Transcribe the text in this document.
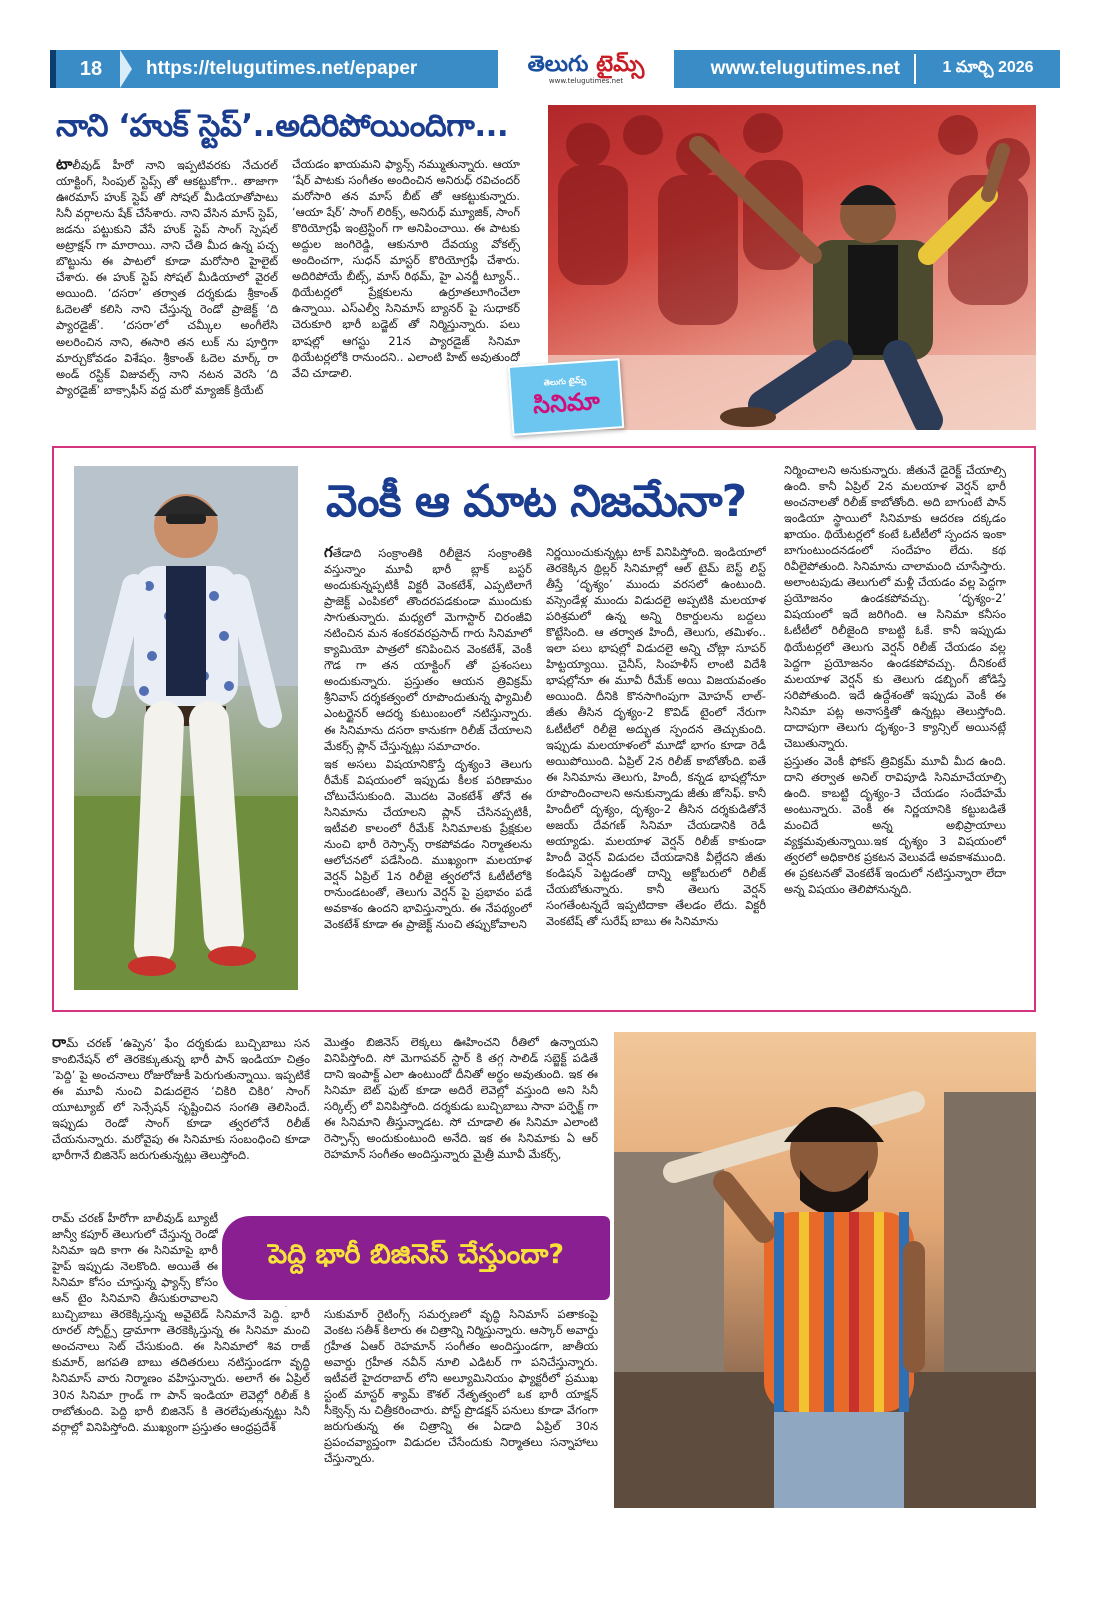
18	https://telugutimes.net/epaper	తెలుగు టైమ్స్
www.telugutimes.net
www.telugutimes.net	1 మార్చి 2026
నాని ‘హుక్ స్టెప్’..అదిరిపోయిందిగా...

టాలీవుడ్ హీరో నాని ఇప్పటివరకు నేచురల్ యాక్టింగ్, సింపుల్ స్టెప్స్ తో ఆకట్టుకోగా.. తాజాగా ఊరమాస్ హుక్ స్టెప్ తో సోషల్ మీడియాతోపాటు సినీ వర్గాలను షేక్ చేసేశారు. నాని వేసిన మాస్ స్టెప్, జడను పట్టుకుని వేసే హుక్ స్టెప్ సాంగ్ స్పెషల్ అట్రాక్షన్ గా మారాయి. నాని చేతి మీద ఉన్న పచ్చ బొట్టును ఈ పాటలో కూడా మరోసారి హైలైట్ చేశారు. ఈ హుక్ స్టెప్ సోషల్ మీడియాలో వైరల్ అయింది. ‘దసరా’ తర్వాత దర్శకుడు శ్రీకాంత్ ఓదెలతో కలిసి నాని చేస్తున్న రెండో ప్రాజెక్ట్ ‘ది ప్యారడైజ్’. ‘దసరా’లో చమ్కీల అంగీలేసి అలరించిన నాని, ఈసారి తన లుక్ ను పూర్తిగా మార్చుకోవడం విశేషం. శ్రీకాంత్ ఓదెల మార్క్ రా అండ్ రస్టిక్ విజువల్స్ నాని నటన వెరసి ‘ది ప్యారడైజ్’ బాక్సాఫీస్ వద్ద మరో మ్యాజిక్ క్రియేట్

చేయడం ఖాయమని ఫ్యాన్స్ నమ్ముతున్నారు. ఆయా ‘షేర్ పాటకు సంగీతం అందించిన అనిరుధ్ రవిచందర్ మరోసారి తన మాస్ బీట్ తో ఆకట్టుకున్నారు. ‘ఆయా షేర్’ సాంగ్ లిరిక్స్, అనిరుధ్ మ్యూజిక్, సాంగ్ కొరియోగ్రఫీ ఇంట్రెస్టింగ్ గా అనిపించాయి. ఈ పాటకు అద్దుల జంగిరెడ్డి, ఆకునూరి దేవయ్య వోకల్స్ అందించగా, సుధన్ మాస్టర్ కొరియోగ్రఫీ చేశారు. అదిరిపోయే బీట్స్, మాస్ రిథమ్, హై ఎనర్జీ ట్యూన్.. థియేటర్లలో ప్రేక్షకులను ఉర్రూతలూగించేలా ఉన్నాయి. ఎస్ఎల్వీ సినిమాస్ బ్యానర్ పై సుధాకర్ చెరుకూరి భారీ బడ్జెట్ తో నిర్మిస్తున్నారు. పలు భాషల్లో ఆగస్టు 21న ప్యారడైజ్ సినిమా థియేటర్లలోకి రానుందని.. ఎలాంటి హిట్ అవుతుందో వేచి చూడాలి.

తెలుగు టైమ్స్
సినిమా
వెంకీ ఆ మాట నిజమేనా?

గతేడాది సంక్రాంతికి రిలీజైన సంక్రాంతికి వస్తున్నాం మూవీ భారీ బ్లాక్ బస్టర్ అందుకున్నప్పటికీ విక్టరీ వెంకటేశ్, ఎప్పటిలాగే ప్రాజెక్ట్ ఎంపికలో తొందరపడకుండా ముందుకు సాగుతున్నారు. మధ్యలో మెగాస్టార్ చిరంజీవి నటించిన మన శంకరవరప్రసాద్ గారు సినిమాలో క్యామియో పాత్రలో కనిపించిన వెంకటేశ్, వెంకీ గౌడ గా తన యాక్టింగ్ తో ప్రశంసలు అందుకున్నారు. ప్రస్తుతం ఆయన త్రివిక్రమ్ శ్రీనివాస్ దర్శకత్వంలో రూపొందుతున్న ఫ్యామిలీ ఎంటర్టైనర్ ఆదర్శ కుటుంబంలో నటిస్తున్నారు. ఈ సినిమాను దసరా కానుకగా రిలీజ్ చేయాలని మేకర్స్ ప్లాన్ చేస్తున్నట్లు సమాచారం.

ఇక అసలు విషయానికొస్తే దృశ్యం3 తెలుగు రీమేక్ విషయంలో ఇప్పుడు కీలక పరిణామం చోటుచేసుకుంది. మొదట వెంకటేశ్ తోనే ఈ సినిమాను చేయాలని ప్లాన్ చేసినప్పటికీ, ఇటీవలి కాలంలో రీమేక్ సినిమాలకు ప్రేక్షకుల నుంచి భారీ రెస్పాన్స్ రాకపోవడం నిర్మాతలను ఆలోచనలో పడేసింది. ముఖ్యంగా మలయాళ వెర్షన్ ఏప్రిల్ 1న రిలీజై త్వరలోనే ఓటీటీలోకి రానుండటంతో, తెలుగు వెర్షన్ పై ప్రభావం పడే అవకాశం ఉందని భావిస్తున్నారు. ఈ నేపథ్యంలో వెంకటేశ్ కూడా ఈ ప్రాజెక్ట్ నుంచి తప్పుకోవాలని

నిర్ణయించుకున్నట్లు టాక్ వినిపిస్తోంది. ఇండియాలో తెరకెక్కిన థ్రిల్లర్ సినిమాల్లో ఆల్ టైమ్ బెస్ట్ లిస్ట్ తీస్తే ‘దృశ్యం’ ముందు వరసలో ఉంటుంది. వస్సెండేళ్ల ముందు విడుదలై అప్పటికి మలయాళ పరిశ్రమలో ఉన్న అన్ని రికార్డులను బద్దలు కొట్టేసింది. ఆ తర్వాత హిందీ, తెలుగు, తమిళం.. ఇలా పలు భాషల్లో విడుదలై అన్ని చోట్లా సూపర్ హిట్టయ్యాయి. చైనీస్, సింహళీస్ లాంటి విదేశీ భాషల్లోనూ ఈ మూవీ రీమేక్ అయి విజయవంతం అయింది. దీనికి కొనసాగింపుగా మోహన్ లాల్- జీతు తీసిన దృశ్యం-2 కొవిడ్ టైంలో నేరుగా ఓటీటీలో రిలీజై అద్భుత స్పందన తెచ్చుకుంది. ఇప్పుడు మలయాళంలో మూడో భాగం కూడా రెడీ అయిపోయింది. ఏప్రిల్ 2న రిలీజ్ కాబోతోంది. ఐతే ఈ సినిమాను తెలుగు, హిందీ, కన్నడ భాషల్లోనూ రూపొందించాలని అనుకున్నాడు జీతు జోసెఫ్. కానీ హిందీలో దృశ్యం, దృశ్యం-2 తీసిన దర్శకుడితోనే అజయ్ దేవగణ్ సినిమా చేయడానికి రెడీ అయ్యాడు. మలయాళ వెర్షన్ రిలీజ్ కాకుండా హిందీ వెర్షన్ విడుదల చేయడానికి వీల్లేదని జీతు కండిషన్ పెట్టడంతో దాన్ని అక్టోబరులో రిలీజ్ చేయబోతున్నారు. కానీ తెలుగు వెర్షన్ సంగతేంటన్నదే ఇప్పటిదాకా తేలడం లేదు. విక్టరీ వెంకటేష్ తో సురేష్ బాబు ఈ సినిమాను

నిర్మించాలని అనుకున్నారు. జీతునే డైరెక్ట్ చేయాల్సి ఉంది. కానీ ఏప్రిల్ 2న మలయాళ వెర్షన్ భారీ అంచనాలతో రిలీజ్ కాబోతోంది. అది బాగుంటే పాన్ ఇండియా స్థాయిలో సినిమాకు ఆదరణ దక్కడం ఖాయం. థియేటర్లలో కంటే ఓటీటీలో స్పందన ఇంకా బాగుంటుందనడంలో సందేహం లేదు. కథ రివీలైపోతుంది. సినిమాను చాలామంది చూసేస్తారు. అలాంటపుడు తెలుగులో మళ్లీ చేయడం వల్ల పెద్దగా ప్రయోజనం ఉండకపోవచ్చు. ‘దృశ్యం-2’ విషయంలో ఇదే జరిగింది. ఆ సినిమా కనీసం ఓటీటీలో రిలీజైంది కాబట్టి ఓకే. కానీ ఇప్పుడు థియేటర్లలో తెలుగు వెర్షన్ రిలీజ్ చేయడం వల్ల పెద్దగా ప్రయోజనం ఉండకపోవచ్చు. దీనికంటే మలయాళ వెర్షన్ కు తెలుగు డబ్బింగ్ జోడిస్తే సరిపోతుంది. ఇదే ఉద్దేశంతో ఇప్పుడు వెంకీ ఈ సినిమా పట్ల అనాసక్తితో ఉన్నట్లు తెలుస్తోంది. దాదాపుగా తెలుగు దృశ్యం-3 క్యాన్సిల్ అయినట్లే చెబుతున్నారు.

ప్రస్తుతం వెంకీ ఫోకస్ త్రివిక్రమ్ మూవీ మీద ఉంది. దాని తర్వాత అనిల్ రావిపూడి సినిమాచేయాల్సి ఉంది. కాబట్టి దృశ్యం-3 చేయడం సందేహమే అంటున్నారు. వెంకీ ఈ నిర్ణయానికి కట్టుబడితే మంచిదే అన్న అభిప్రాయాలు వ్యక్తమవుతున్నాయి.ఇక దృశ్యం 3 విషయంలో త్వరలో అధికారిక ప్రకటన వెలువడే అవకాశముంది. ఈ ప్రకటనతో వెంకటేశ్ ఇందులో నటిస్తున్నారా లేదా అన్న విషయం తెలిపోనున్నది.

రామ్ చరణ్ ‘ఉప్పెన’ ఫేం దర్శకుడు బుచ్చిబాబు సన కాంబినేషన్ లో తెరకెక్కుతున్న భారీ పాన్ ఇండియా చిత్రం ‘పెద్ది’ పై అంచనాలు రోజురోజుకీ పెరుగుతున్నాయి. ఇప్పటికే ఈ మూవీ నుంచి విడుదలైన ‘చికిరి చికిరి’ సాంగ్ యూట్యూబ్ లో సెన్సేషన్ సృష్టించిన సంగతి తెలిసిందే. ఇప్పుడు రెండో సాంగ్ కూడా త్వరలోనే రిలీజ్ చేయనున్నారు. మరోవైపు ఈ సినిమాకు సంబంధించి కూడా భారీగానే బిజినెస్ జరుగుతున్నట్లు తెలుస్తోంది.

మొత్తం బిజినెస్ లెక్కలు ఊహించని రీతిలో ఉన్నాయని వినిపిస్తోంది. సో మెగాపవర్ స్టార్ కి తగ్గ సాలిడ్ సబ్జెక్ట్ పడితే దాని ఇంపాక్ట్ ఎలా ఉంటుందో దీనితో అర్థం అవుతుంది. ఇక ఈ సినిమా బెట్ ఫుట్ కూడా అదిరే లెవెల్లో వస్తుంది అని సినీ సర్కిల్స్ లో వినిపిస్తోంది. దర్శకుడు బుచ్చిబాబు సానా పర్ఫెక్ట్ గా ఈ సినిమాని తీస్తున్నాడట. సో చూడాలి ఈ సినిమా ఎలాంటి రెస్పాన్స్ అందుకుంటుంది అనేది. ఇక ఈ సినిమాకు ఏ ఆర్ రెహమాన్ సంగీతం అందిస్తున్నారు మైత్రీ మూవీ మేకర్స్,

రామ్ చరణ్ హీరోగా బాలీవుడ్ బ్యూటీ జాన్వీ కపూర్ తెలుగులో చేస్తున్న రెండో సినిమా ఇది కాగా ఈ సినిమాపై భారీ హైప్ ఇప్పుడు నెలకొంది. అయితే ఈ సినిమా కోసం చూస్తున్న ఫ్యాన్స్ కోసం ఆన్ టైం సినిమాని తీసుకురావాలని

పెద్ది భారీ బిజినెస్ చేస్తుందా?

బుచ్చిబాబు తెరకెక్కిస్తున్న అవైటెడ్ సినిమానే పెద్ది. భారీ రూరల్ స్పోర్ట్స్ డ్రామాగా తెరకెక్కిస్తున్న ఈ సినిమా మంచి అంచనాలు సెట్ చేసుకుంది. ఈ సినిమాలో శివ రాజ్ కుమార్, జగపతి బాబు తదితరులు నటిస్తుండగా వృద్ధి సినిమాస్ వారు నిర్మాణం వహిస్తున్నారు. అలాగే ఈ ఏప్రిల్ 30న సినిమా గ్రాండ్ గా పాన్ ఇండియా లెవెల్లో రిలీజ్ కి రాబోతుంది. పెద్ది భారీ బిజినెస్ కి తెరలేపుతున్నట్టు సినీ వర్గాల్లో వినిపిస్తోంది. ముఖ్యంగా ప్రస్తుతం ఆంధ్రప్రదేశ్

సుకుమార్ రైటింగ్స్ సమర్పణలో వృద్ధి సినిమాస్ పతాకంపై వెంకట సతీశ్ కిలారు ఈ చిత్రాన్ని నిర్మిస్తున్నారు. ఆస్కార్ అవార్డు గ్రహీత ఏఆర్ రెహమాన్ సంగీతం అందిస్తుండగా, జాతీయ అవార్డు గ్రహీత నవీన్ నూలి ఎడిటర్ గా పనిచేస్తున్నారు. ఇటీవలే హైదరాబాద్ లోని అల్యూమినియం ఫ్యాక్టరీలో ప్రముఖ స్టంట్ మాస్టర్ శ్యామ్ కౌశల్ నేతృత్వంలో ఒక భారీ యాక్షన్ సీక్వెన్స్ ను చిత్రీకరించారు. పోస్ట్ ప్రొడక్షన్ పనులు కూడా వేగంగా జరుగుతున్న ఈ చిత్రాన్ని ఈ ఏడాది ఏప్రిల్ 30న ప్రపంచవ్యాప్తంగా విడుదల చేసేందుకు నిర్మాతలు సన్నాహాలు చేస్తున్నారు.
